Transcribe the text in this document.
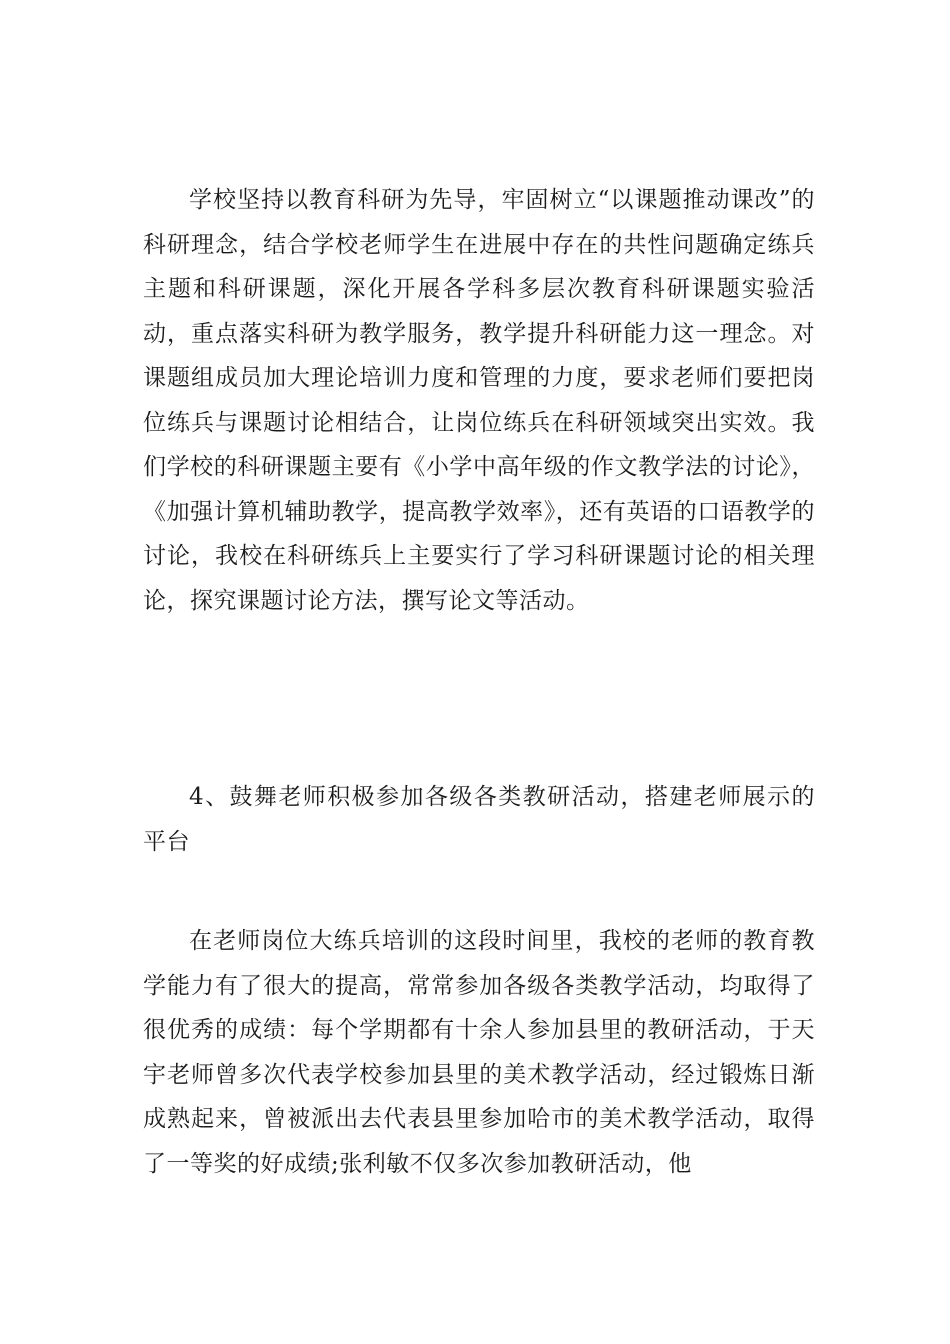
学校坚持以教育科研为先导，牢固树立“以课题推动课改”的科研理念，结合学校老师学生在进展中存在的共性问题确定练兵主题和科研课题，深化开展各学科多层次教育科研课题实验活动，重点落实科研为教学服务，教学提升科研能力这一理念。对课题组成员加大理论培训力度和管理的力度，要求老师们要把岗位练兵与课题讨论相结合，让岗位练兵在科研领域突出实效。我们学校的科研课题主要有《小学中高年级的作文教学法的讨论》，《加强计算机辅助教学，提高教学效率》，还有英语的口语教学的讨论，我校在科研练兵上主要实行了学习科研课题讨论的相关理论，探究课题讨论方法，撰写论文等活动。

4、鼓舞老师积极参加各级各类教研活动，搭建老师展示的平台

在老师岗位大练兵培训的这段时间里，我校的老师的教育教学能力有了很大的提高，常常参加各级各类教学活动，均取得了很优秀的成绩：每个学期都有十余人参加县里的教研活动，于天宇老师曾多次代表学校参加县里的美术教学活动，经过锻炼日渐成熟起来，曾被派出去代表县里参加哈市的美术教学活动，取得了一等奖的好成绩;张利敏不仅多次参加教研活动，他
